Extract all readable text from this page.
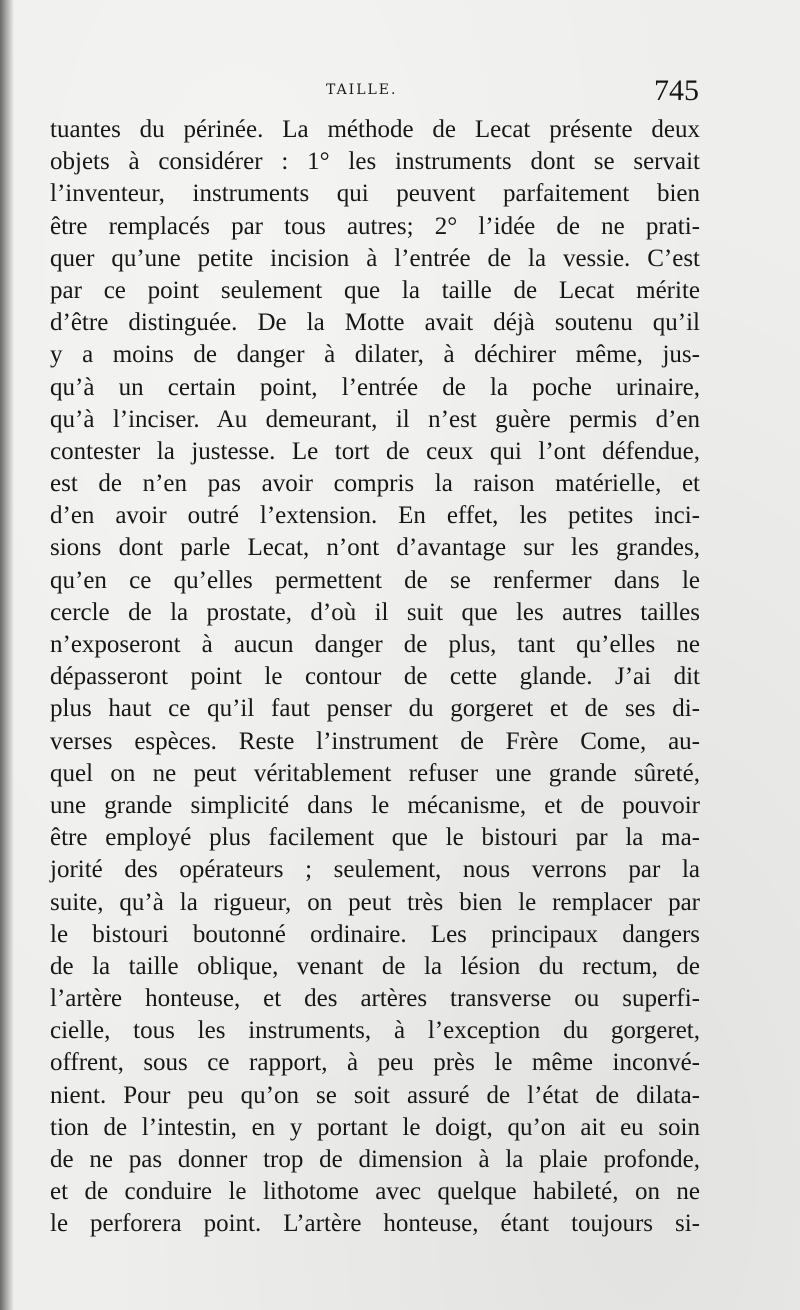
TAILLE.	745
tuantes du périnée. La méthode de Lecat présente deux
objets à considérer : 1° les instruments dont se servait
l’inventeur, instruments qui peuvent parfaitement bien
être remplacés par tous autres; 2° l’idée de ne prati-
quer qu’une petite incision à l’entrée de la vessie. C’est
par ce point seulement que la taille de Lecat mérite
d’être distinguée. De la Motte avait déjà soutenu qu’il
y a moins de danger à dilater, à déchirer même, jus-
qu’à un certain point, l’entrée de la poche urinaire,
qu’à l’inciser. Au demeurant, il n’est guère permis d’en
contester la justesse. Le tort de ceux qui l’ont défendue,
est de n’en pas avoir compris la raison matérielle, et
d’en avoir outré l’extension. En effet, les petites inci-
sions dont parle Lecat, n’ont d’avantage sur les grandes,
qu’en ce qu’elles permettent de se renfermer dans le
cercle de la prostate, d’où il suit que les autres tailles
n’exposeront à aucun danger de plus, tant qu’elles ne
dépasseront point le contour de cette glande. J’ai dit
plus haut ce qu’il faut penser du gorgeret et de ses di-
verses espèces. Reste l’instrument de Frère Come, au-
quel on ne peut véritablement refuser une grande sûreté,
une grande simplicité dans le mécanisme, et de pouvoir
être employé plus facilement que le bistouri par la ma-
jorité des opérateurs ; seulement, nous verrons par la
suite, qu’à la rigueur, on peut très bien le remplacer par
le bistouri boutonné ordinaire. Les principaux dangers
de la taille oblique, venant de la lésion du rectum, de
l’artère honteuse, et des artères transverse ou superfi-
cielle, tous les instruments, à l’exception du gorgeret,
offrent, sous ce rapport, à peu près le même inconvé-
nient. Pour peu qu’on se soit assuré de l’état de dilata-
tion de l’intestin, en y portant le doigt, qu’on ait eu soin
de ne pas donner trop de dimension à la plaie profonde,
et de conduire le lithotome avec quelque habileté, on ne
le perforera point. L’artère honteuse, étant toujours si-
